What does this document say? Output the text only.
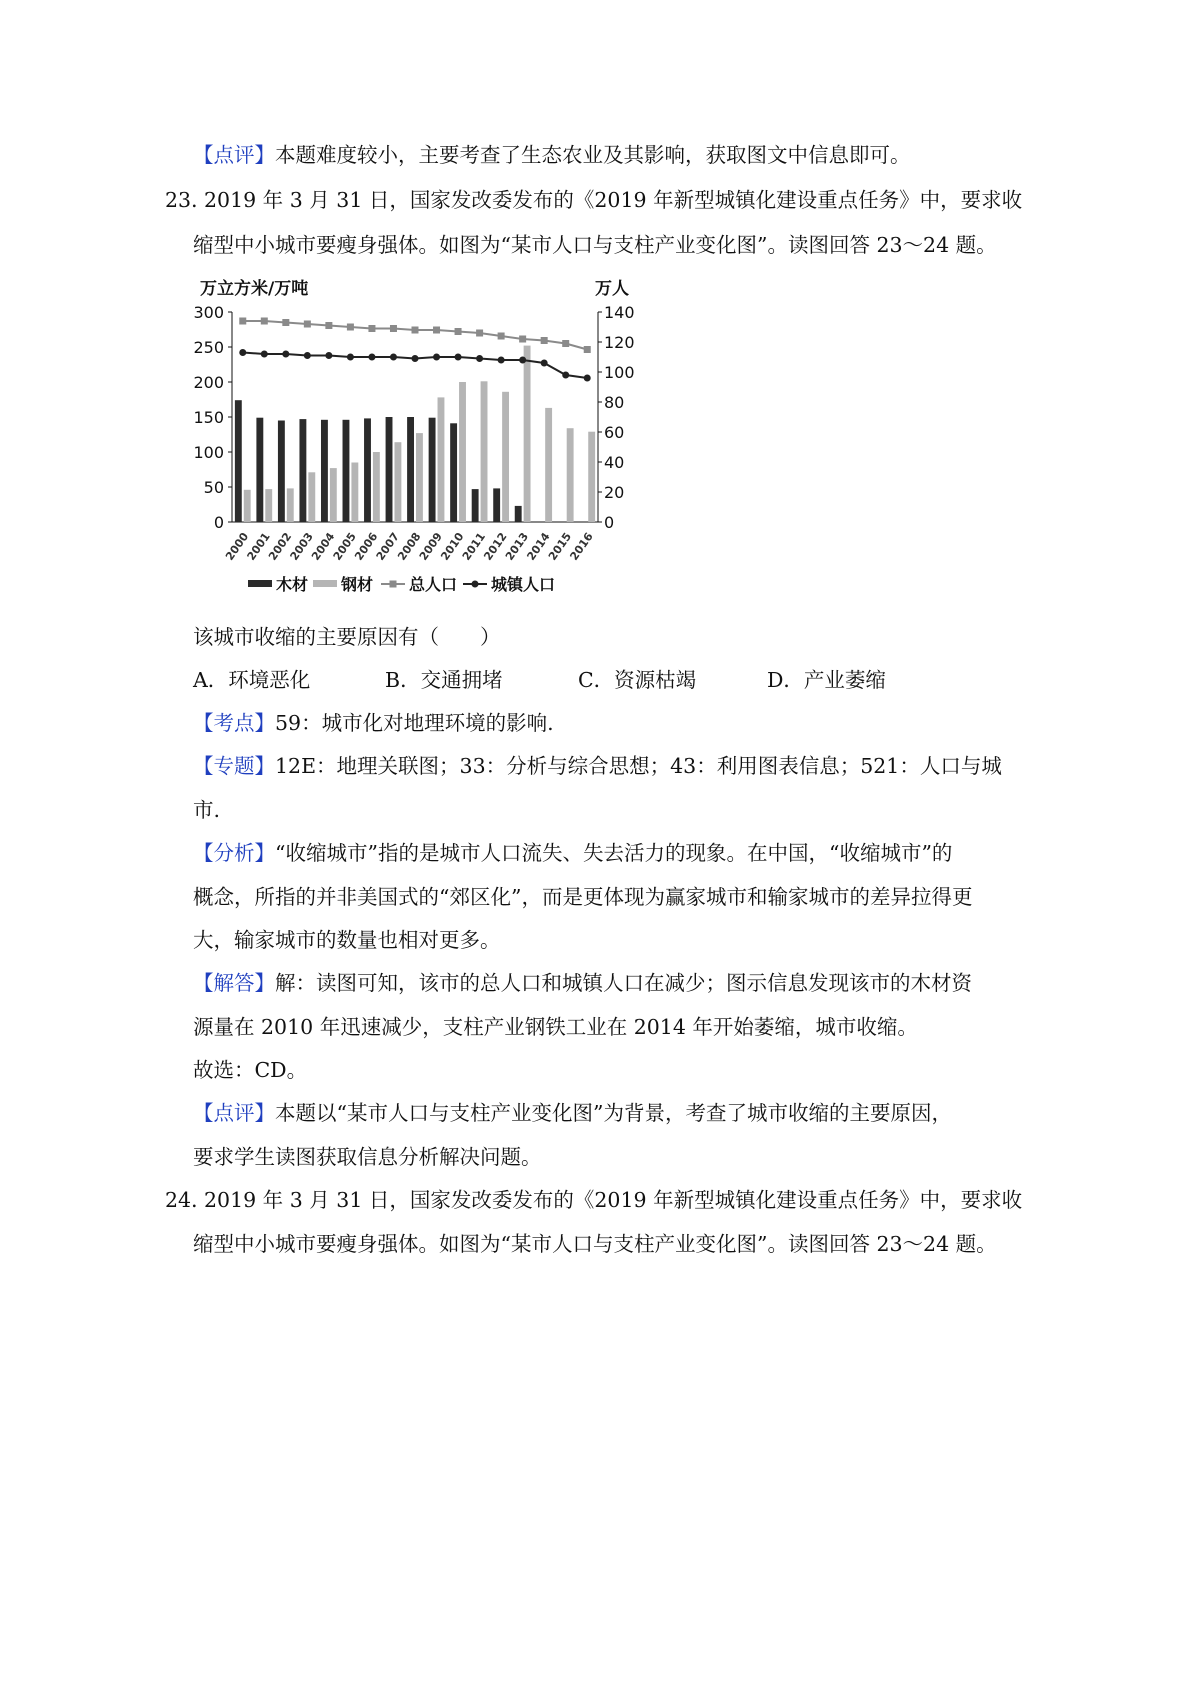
【点评】本题难度较小，主要考查了生态农业及其影响，获取图文中信息即可。
23．
2019 年 3 月 31 日，国家发改委发布的《2019 年新型城镇化建设重点任务》中，要求收
缩型中小城市要瘦身强体。如图为“某市人口与支柱产业变化图”。读图回答 23～24 题。
万立方米/万吨	万人
0
50
100
150
200
250
300
0
20
40
60
80
100
120
140
2000
2001
2002
2003
2004
2005
2006
2007
2008
2009
2010
2011
2012
2013
2014
2015
2016
木材 钢材 总人口 城镇人口
该城市收缩的主要原因有（　　）
A．环境恶化	B．交通拥堵	C．资源枯竭	D．产业萎缩
【考点】59：城市化对地理环境的影响.
【专题】12E：地理关联图；33：分析与综合思想；43：利用图表信息；521：人口与城
市.
【分析】“收缩城市”指的是城市人口流失、失去活力的现象。在中国，“收缩城市”的
概念，所指的并非美国式的“郊区化”，而是更体现为赢家城市和输家城市的差异拉得更
大，输家城市的数量也相对更多。
【解答】解：读图可知，该市的总人口和城镇人口在减少；图示信息发现该市的木材资
源量在 2010 年迅速减少，支柱产业钢铁工业在 2014 年开始萎缩，城市收缩。
故选：CD。
【点评】本题以“某市人口与支柱产业变化图”为背景，考查了城市收缩的主要原因，
要求学生读图获取信息分析解决问题。
24．
2019 年 3 月 31 日，国家发改委发布的《2019 年新型城镇化建设重点任务》中，要求收
缩型中小城市要瘦身强体。如图为“某市人口与支柱产业变化图”。读图回答 23～24 题。
